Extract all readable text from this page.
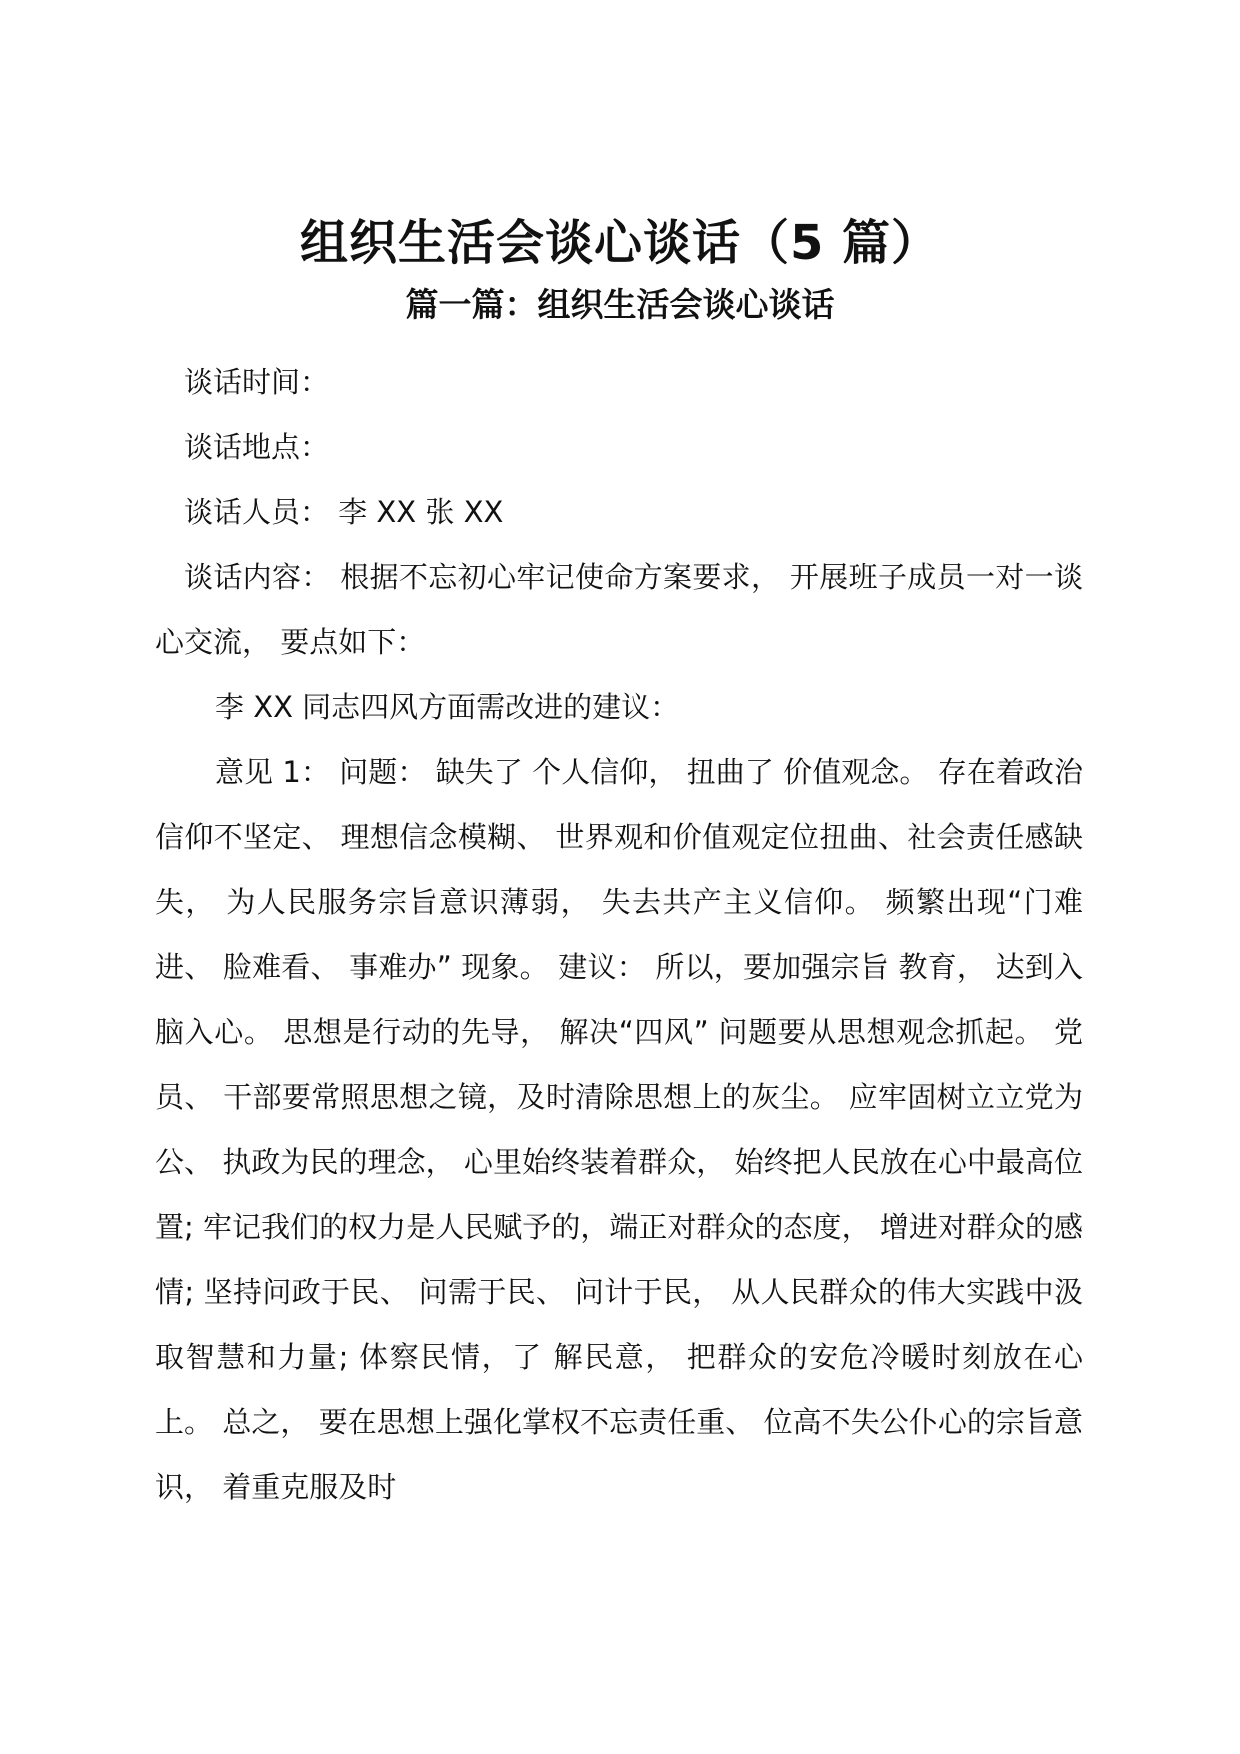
组织生活会谈心谈话（5 篇）
篇一篇：组织生活会谈心谈话

谈话时间：

谈话地点：

谈话人员： 李 XX 张 XX

谈话内容： 根据不忘初心牢记使命方案要求， 开展班子成员一对一谈心交流， 要点如下：

李 XX 同志四风方面需改进的建议：

意见 1： 问题： 缺失了 个人信仰， 扭曲了 价值观念。 存在着政治信仰不坚定、 理想信念模糊、 世界观和价值观定位扭曲、社会责任感缺失， 为人民服务宗旨意识薄弱， 失去共产主义信仰。 频繁出现“门难进、 脸难看、 事难办” 现象。 建议： 所以，要加强宗旨 教育， 达到入脑入心。 思想是行动的先导， 解决“四风” 问题要从思想观念抓起。 党员、 干部要常照思想之镜，及时清除思想上的灰尘。 应牢固树立立党为公、 执政为民的理念， 心里始终装着群众， 始终把人民放在心中最高位置; 牢记我们的权力是人民赋予的，端正对群众的态度， 增进对群众的感情; 坚持问政于民、 问需于民、 问计于民， 从人民群众的伟大实践中汲取智慧和力量; 体察民情，了 解民意， 把群众的安危冷暖时刻放在心上。 总之， 要在思想上强化掌权不忘责任重、 位高不失公仆心的宗旨意识， 着重克服及时
